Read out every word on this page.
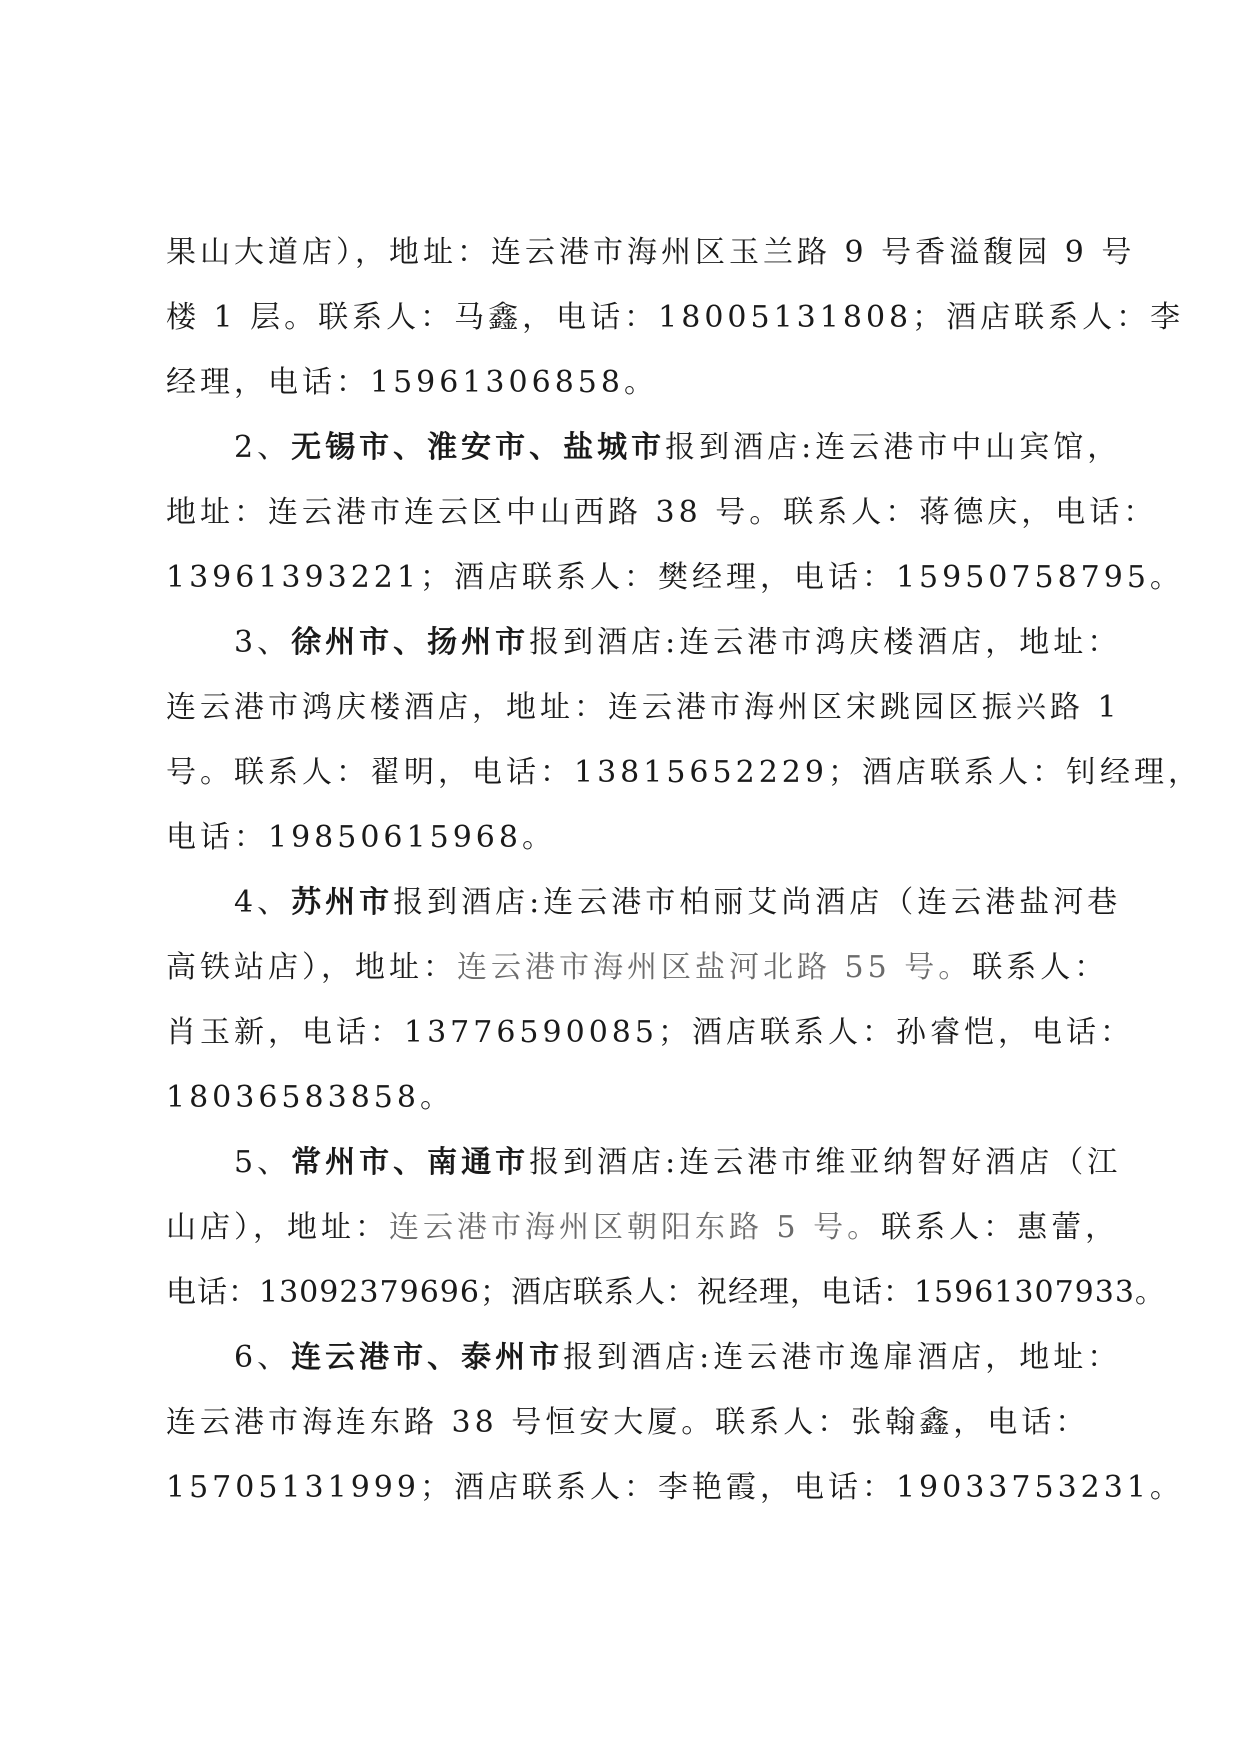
果山大道店），地址：连云港市海州区玉兰路 9 号香溢馥园 9 号
楼 1 层。联系人：马鑫，电话：18005131808；酒店联系人：李
经理，电话：15961306858。
2、无锡市、淮安市、盐城市报到酒店:连云港市中山宾馆，
地址：连云港市连云区中山西路 38 号。联系人：蒋德庆，电话：
13961393221；酒店联系人：樊经理，电话：15950758795。
3、徐州市、扬州市报到酒店:连云港市鸿庆楼酒店，地址：
连云港市鸿庆楼酒店，地址：连云港市海州区宋跳园区振兴路 1
号。联系人：翟明，电话：13815652229；酒店联系人：钊经理，
电话：19850615968。
4、苏州市报到酒店:连云港市柏丽艾尚酒店（连云港盐河巷
高铁站店），地址：连云港市海州区盐河北路 55 号。联系人：
肖玉新，电话：13776590085；酒店联系人：孙睿恺，电话：
18036583858。
5、常州市、南通市报到酒店:连云港市维亚纳智好酒店（江
山店），地址：连云港市海州区朝阳东路 5 号。联系人：惠蕾，
电话：13092379696；酒店联系人：祝经理，电话：15961307933。
6、连云港市、泰州市报到酒店:连云港市逸扉酒店，地址：
连云港市海连东路 38 号恒安大厦。联系人：张翰鑫，电话：
15705131999；酒店联系人：李艳霞，电话：19033753231。
